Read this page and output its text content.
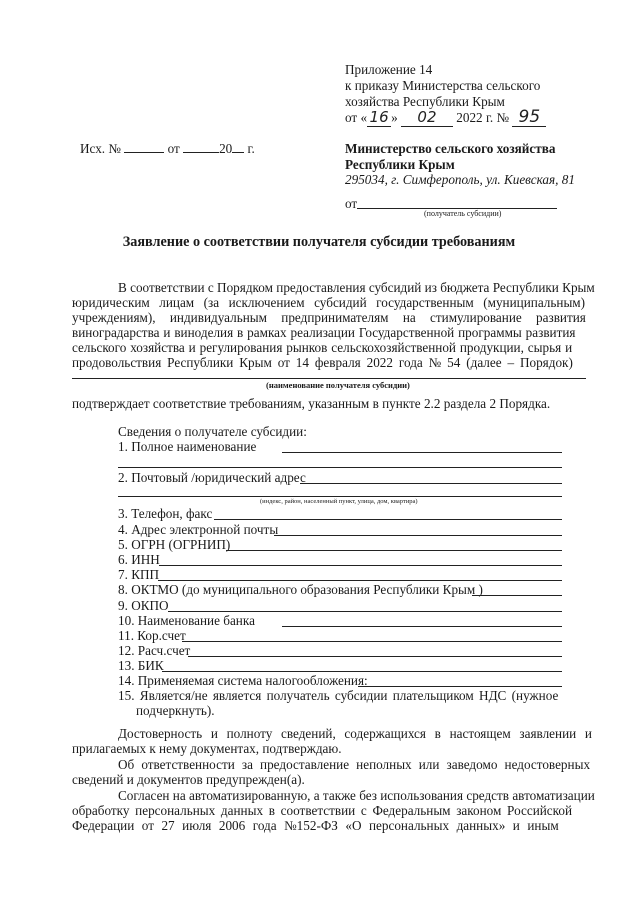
Приложение 14
к приказу Министерства сельского
хозяйства Республики Крым
от « 16 » 02 2022 г. № 95
Исх. №	от	20 г.	Министерство сельского хозяйства
Республики Крым
295034, г. Симферополь, ул. Киевская, 81
от
(получатель субсидии)
Заявление о соответствии получателя субсидии требованиям
В соответствии с Порядком предоставления субсидий из бюджета Республики Крым
юридическим лицам (за исключением субсидий государственным (муниципальным)
учреждениям), индивидуальным предпринимателям на стимулирование развития
виноградарства и виноделия в рамках реализации Государственной программы развития
сельского хозяйства и регулирования рынков сельскохозяйственной продукции, сырья и
продовольствия Республики Крым от 14 февраля 2022 года № 54 (далее – Порядок)
(наименование получателя субсидии)
подтверждает соответствие требованиям, указанным в пункте 2.2 раздела 2 Порядка.
Сведения о получателе субсидии:
1. Полное наименование
2. Почтовый /юридический адрес
(индекс, район, населенный пункт, улица, дом, квартира)
3. Телефон, факс
4. Адрес электронной почты
5. ОГРН (ОГРНИП)
6. ИНН
7. КПП
8. ОКТМО (до муниципального образования Республики Крым )
9. ОКПО
10. Наименование банка
11. Кор.счет
12. Расч.счет
13. БИК
14. Применяемая система налогообложения:
15. Является/не является получатель субсидии плательщиком НДС (нужное
подчеркнуть).
Достоверность и полноту сведений, содержащихся в настоящем заявлении и
прилагаемых к нему документах, подтверждаю.
Об ответственности за предоставление неполных или заведомо недостоверных
сведений и документов предупрежден(а).
Согласен на автоматизированную, а также без использования средств автоматизации
обработку персональных данных в соответствии с Федеральным законом Российской
Федерации от 27 июля 2006 года №152-ФЗ «О персональных данных» и иным
